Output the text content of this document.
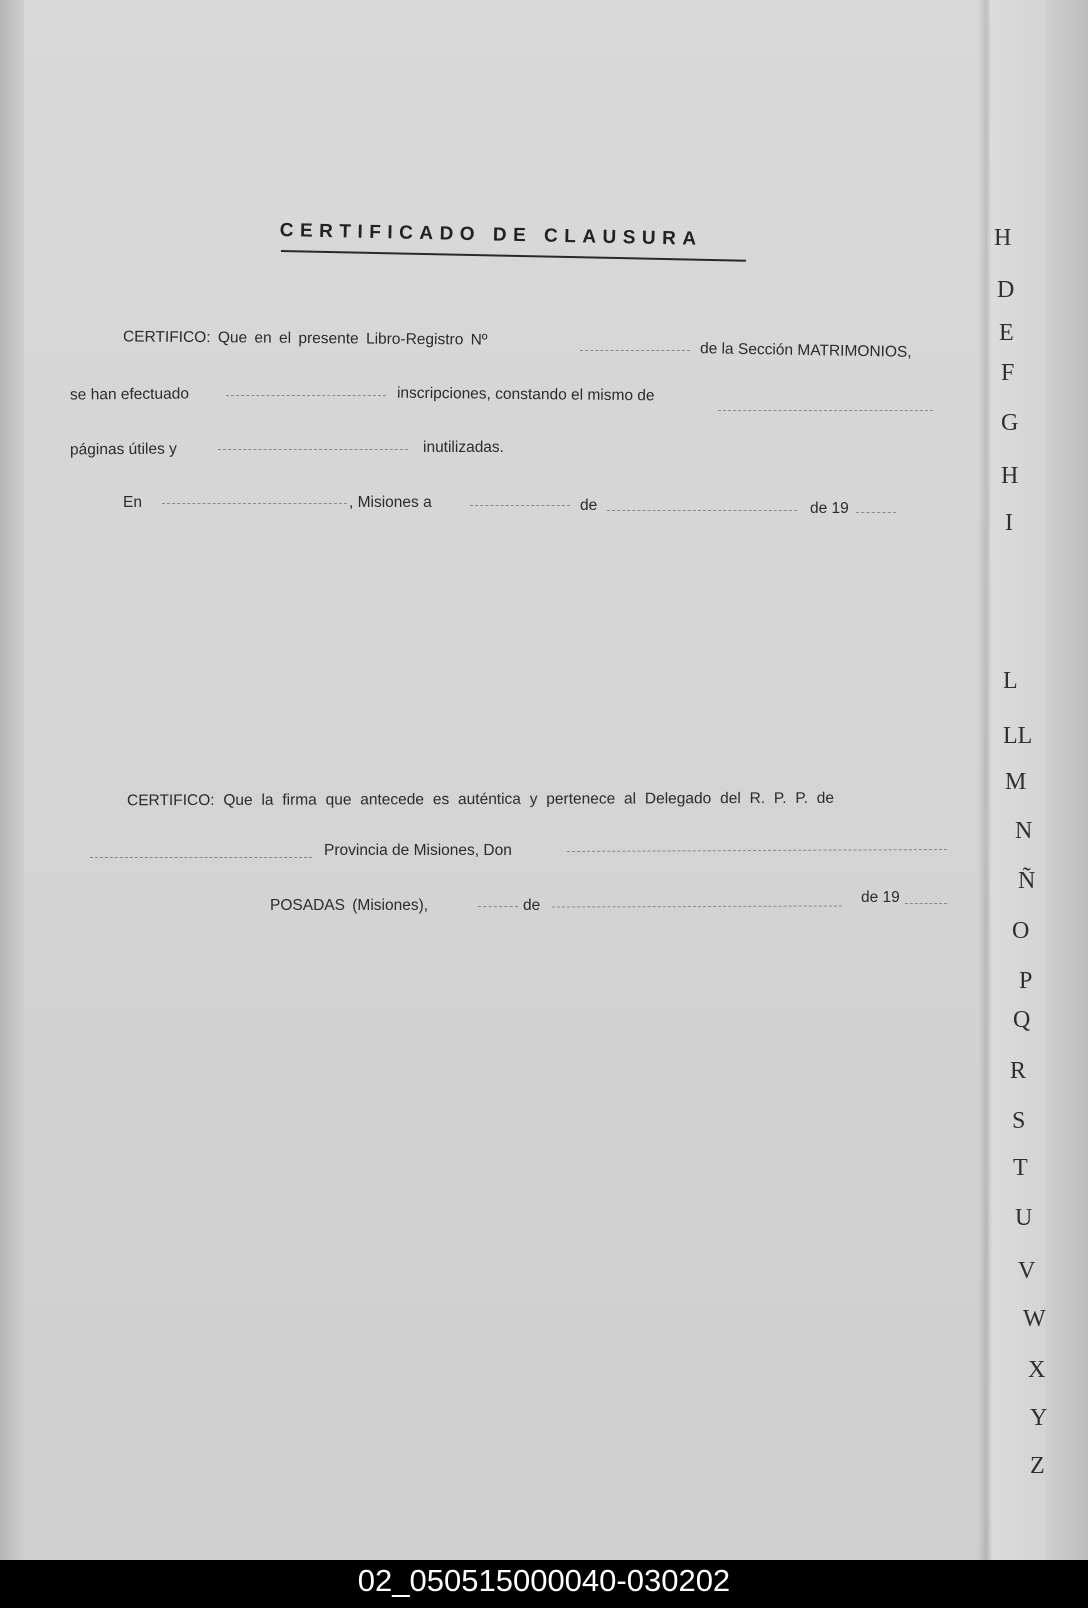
CERTIFICADO DE CLAUSURA
CERTIFICO: Que en el presente Libro-Registro Nº
de la Sección MATRIMONIOS,
se han efectuado	inscripciones, constando el mismo de
páginas útiles y	inutilizadas.
En	, Misiones a	de	de 19
CERTIFICO: Que la firma que antecede es auténtica y pertenece al Delegado del R. P. P. de
Provincia de Misiones, Don
POSADAS (Misiones),	de	de 19
H
D
E
F
G
H
I
L
LL
M
N
Ñ
O
P
Q
R
S
T
U
V
W
X
Y
Z
02_050515000040-030202
